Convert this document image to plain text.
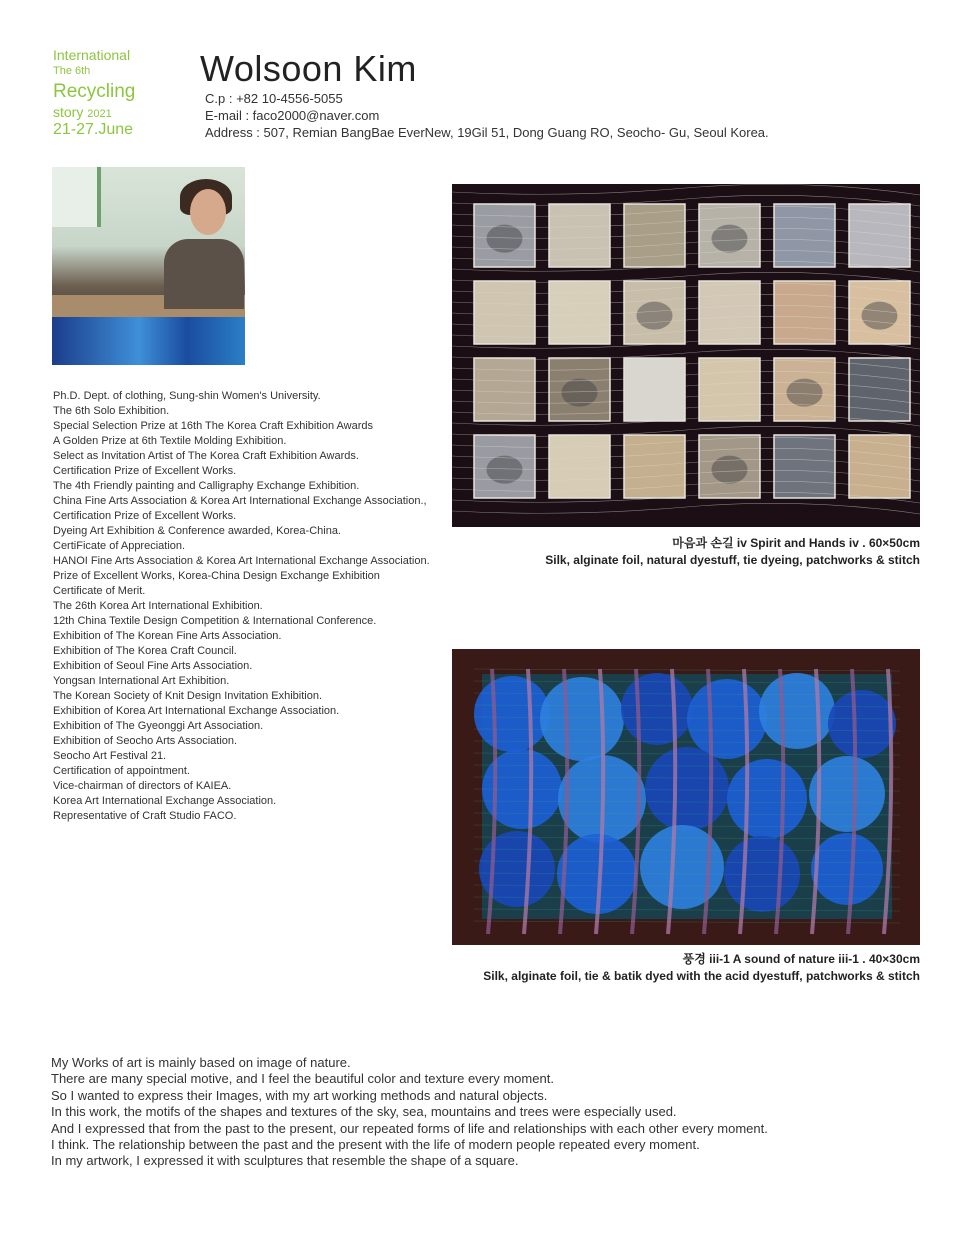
International
The 6th
Recycling
story 2021
21-27.June
Wolsoon Kim
C.p : +82 10-4556-5055
E-mail : faco2000@naver.com
Address : 507, Remian BangBae EverNew, 19Gil 51, Dong Guang RO, Seocho- Gu, Seoul Korea.
Ph.D. Dept. of clothing, Sung-shin Women's University.
The 6th Solo Exhibition.
Special Selection Prize at 16th The Korea Craft Exhibition Awards
A Golden Prize at 6th Textile Molding Exhibition.
Select as Invitation Artist of The Korea Craft Exhibition Awards.
Certification Prize of Excellent Works.
The 4th Friendly painting and Calligraphy Exchange Exhibition.
China Fine Arts Association & Korea Art International Exchange Association.,
Certification Prize of Excellent Works.
Dyeing Art Exhibition & Conference awarded, Korea-China.
CertiFicate of Appreciation.
HANOI Fine Arts Association & Korea Art International Exchange Association.
Prize of Excellent Works, Korea-China Design Exchange Exhibition
Certificate of Merit.
The 26th Korea Art International Exhibition.
12th China Textile Design Competition & International Conference.
Exhibition of The Korean Fine Arts Association.
Exhibition of The Korea Craft Council.
Exhibition of Seoul Fine Arts Association.
Yongsan International Art Exhibition.
The Korean Society of Knit Design Invitation Exhibition.
Exhibition of Korea Art International Exchange Association.
Exhibition of The Gyeonggi Art Association.
Exhibition of Seocho Arts Association.
Seocho Art Festival 21.
Certification of appointment.
Vice-chairman of directors of KAIEA.
Korea Art International Exchange Association.
Representative of Craft Studio FACO.
마음과 손길 iv Spirit and Hands iv . 60×50cm
Silk, alginate foil, natural dyestuff, tie dyeing, patchworks & stitch
풍경 iii-1 A sound of nature iii-1 . 40×30cm
Silk, alginate foil, tie & batik dyed with the acid dyestuff, patchworks & stitch
My Works of art is mainly based on image of nature.
There are many special motive, and I feel the beautiful color and texture every moment.
So I wanted to express their Images, with my art working methods and natural objects.
In this work, the motifs of the shapes and textures of the sky, sea, mountains and trees were especially used.
And I expressed that from the past to the present, our repeated forms of life and relationships with each other every moment.
I think. The relationship between the past and the present with the life of modern people repeated every moment.
In my artwork, I expressed it with sculptures that resemble the shape of a square.
